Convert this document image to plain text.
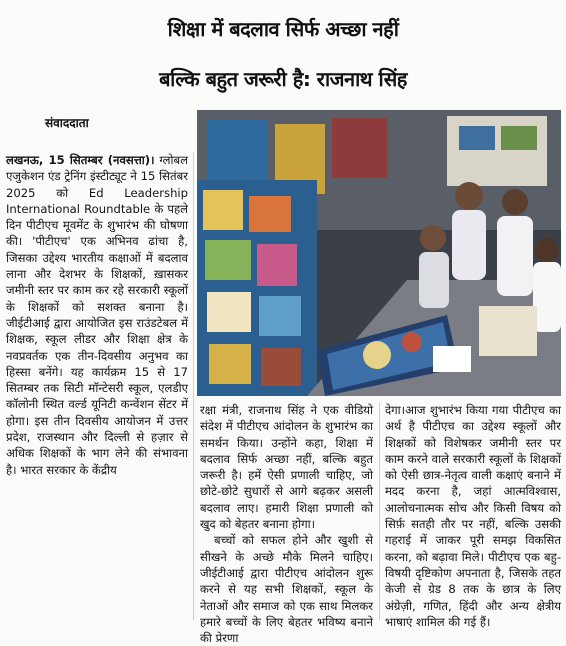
शिक्षा में बदलाव सिर्फ अच्छा नहीं
बल्कि बहुत जरूरी है: राजनाथ सिंह
संवाददाता

लखनऊ, 15 सितम्बर (नवसत्ता)। ग्लोबल एजुकेशन एंड ट्रेनिंग इंस्टीट्यूट ने 15 सितंबर 2025 को Ed Leadership International Roundtable के पहले दिन पीटीएच मूवमेंट के शुभारंभ की घोषणा की। 'पीटीएच' एक अभिनव ढांचा है, जिसका उद्देश्य भारतीय कक्षाओं में बदलाव लाना और देशभर के शिक्षकों, ख़ासकर जमीनी स्तर पर काम कर रहे सरकारी स्कूलों के शिक्षकों को सशक्त बनाना है। जीईटीआई द्वारा आयोजित इस राउंडटेबल में शिक्षक, स्कूल लीडर और शिक्षा क्षेत्र के नवप्रवर्तक एक तीन-दिवसीय अनुभव का हिस्सा बनेंगे। यह कार्यक्रम 15 से 17 सितम्बर तक सिटी मॉन्टेसरी स्कूल, एलडीए कॉलोनी स्थित वर्ल्ड यूनिटी कन्वेंशन सेंटर में होगा। इस तीन दिवसीय आयोजन में उत्तर प्रदेश, राजस्थान और दिल्ली से हज़ार से अधिक शिक्षकों के भाग लेने की संभावना है। भारत सरकार के केंद्रीय

रक्षा मंत्री, राजनाथ सिंह ने एक वीडियो संदेश में पीटीएच आंदोलन के शुभारंभ का समर्थन किया। उन्होंने कहा, शिक्षा में बदलाव सिर्फ अच्छा नहीं, बल्कि बहुत जरूरी है। हमें ऐसी प्रणाली चाहिए, जो छोटे-छोटे सुधारों से आगे बढ़कर असली बदलाव लाए। हमारी शिक्षा प्रणाली को खुद को बेहतर बनाना होगा।

बच्चों को सफल होने और खुशी से सीखने के अच्छे मौके मिलने चाहिए। जीईटीआई द्वारा पीटीएच आंदोलन शुरू करने से यह सभी शिक्षकों, स्कूल के नेताओं और समाज को एक साथ मिलकर हमारे बच्चों के लिए बेहतर भविष्य बनाने की प्रेरणा

देगा।आज शुभारंभ किया गया पीटीएच का अर्थ है पीटीएच का उद्देश्य स्कूलों और शिक्षकों को विशेषकर जमीनी स्तर पर काम करने वाले सरकारी स्कूलों के शिक्षकों को ऐसी छात्र-नेतृत्व वाली कक्षाएं बनाने में मदद करना है, जहां आत्मविश्वास, आलोचनात्मक सोच और किसी विषय को सिर्फ़ सतही तौर पर नहीं, बल्कि उसकी गहराई में जाकर पूरी समझ विकसित करना, को बढ़ावा मिले। पीटीएच एक बहु-विषयी दृष्टिकोण अपनाता है, जिसके तहत केजी से ग्रेड 8 तक के छात्र के लिए अंग्रेज़ी, गणित, हिंदी और अन्य क्षेत्रीय भाषाएं शामिल की गई हैं।
